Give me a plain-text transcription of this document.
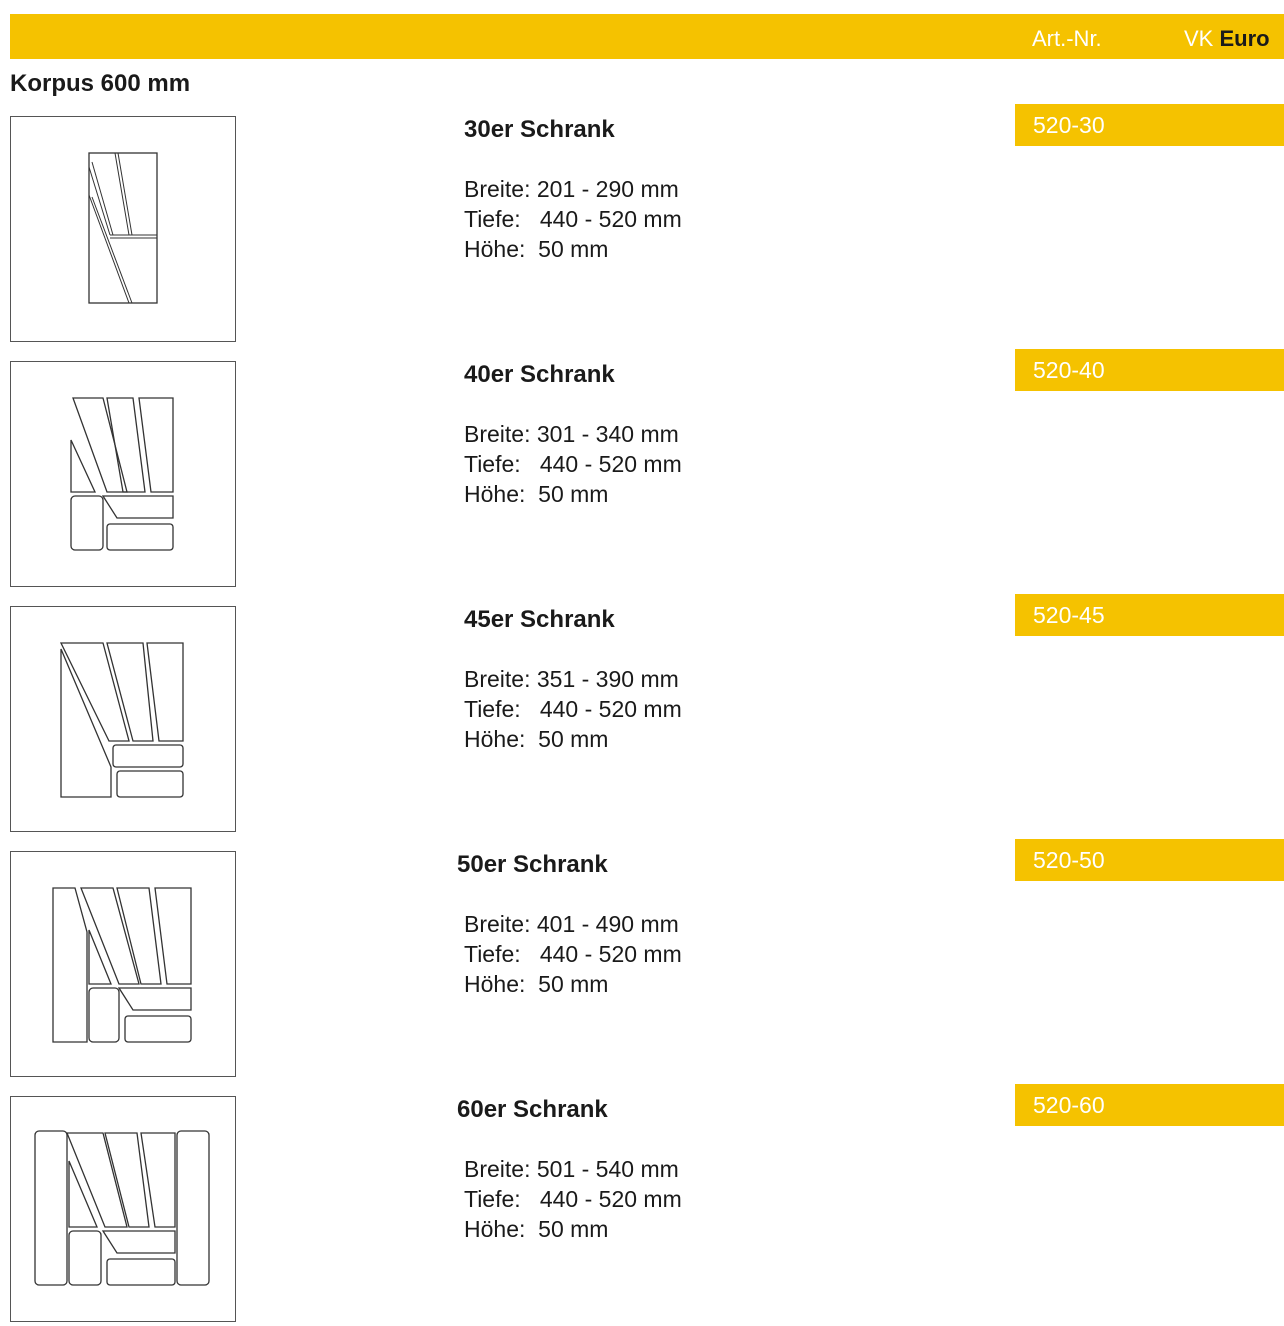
Art.-Nr.	VK Euro
Korpus 600 mm
30er Schrank
Breite: 201 - 290 mm
Tiefe:   440 - 520 mm
Höhe:  50 mm
520-30
40er Schrank
Breite: 301 - 340 mm
Tiefe:   440 - 520 mm
Höhe:  50 mm
520-40
45er Schrank
Breite: 351 - 390 mm
Tiefe:   440 - 520 mm
Höhe:  50 mm
520-45
50er Schrank
Breite: 401 - 490 mm
Tiefe:   440 - 520 mm
Höhe:  50 mm
520-50
60er Schrank
Breite: 501 - 540 mm
Tiefe:   440 - 520 mm
Höhe:  50 mm
520-60
